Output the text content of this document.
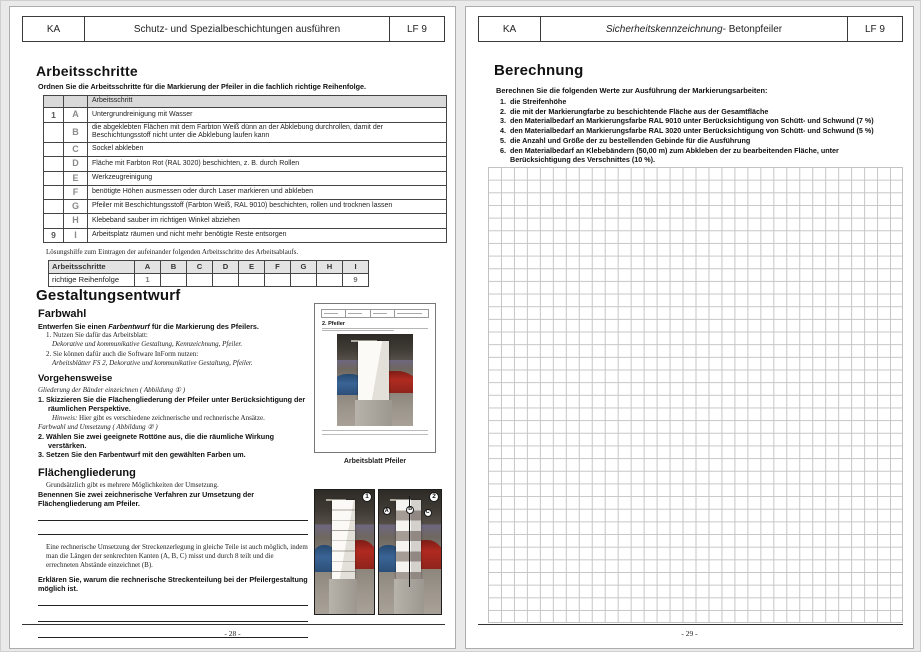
KA	Schutz- und Spezialbeschichtungen ausführen	LF 9
Arbeitsschritte
Ordnen Sie die Arbeitsschritte für die Markierung der Pfeiler in die fachlich richtige Reihenfolge.
		Arbeitsschritt
1	A	Untergrundreinigung mit Wasser
	B	die abgeklebten Flächen mit dem Farbton Weiß dünn an der Abklebung durchrollen, damit der Beschichtungsstoff nicht unter die Abklebung laufen kann
	C	Sockel abkleben
	D	Fläche mit Farbton Rot (RAL 3020) beschichten, z. B. durch Rollen
	E	Werkzeugreinigung
	F	benötigte Höhen ausmessen oder durch Laser markieren und abkleben
	G	Pfeiler mit Beschichtungsstoff (Farbton Weiß, RAL 9010) beschichten, rollen und trocknen lassen
	H	Klebeband sauber im richtigen Winkel abziehen
9	I	Arbeitsplatz räumen und nicht mehr benötigte Reste entsorgen
Lösungshilfe zum Eintragen der aufeinander folgenden Arbeitsschritte des Arbeitsablaufs.
Arbeitsschritte	A	B	C	D	E	F	G	H	I
richtige Reihenfolge	1								9
Gestaltungsentwurf
Farbwahl
Entwerfen Sie einen Farbentwurf für die Markierung des Pfeilers.
1. Nutzen Sie dafür das Arbeitsblatt:
Dekorative und kommunikative Gestaltung, Kennzeichnung, Pfeiler.
2. Sie können dafür auch die Software InForm nutzen:
Arbeitsblätter FS 2, Dekorative und kommunikative Gestaltung, Pfeiler.
Vorgehensweise
Gliederung der Bänder einzeichnen ( Abbildung ① )
1. Skizzieren Sie die Flächengliederung der Pfeiler unter Berücksichtigung der räumlichen Perspektive.
Hinweis: Hier gibt es verschiedene zeichnerische und rechnerische Ansätze.
Farbwahl und Umsetzung ( Abbildung ② )
2. Wählen Sie zwei geeignete Rottöne aus, die die räumliche Wirkung verstärken.
3. Setzen Sie den Farbentwurf mit den gewählten Farben um.
Flächengliederung
Grundsätzlich gibt es mehrere Möglichkeiten der Umsetzung.
Benennen Sie zwei zeichnerische Verfahren zur Umsetzung der Flächengliederung am Pfeiler.
Eine rechnerische Umsetzung der Streckenzerlegung in gleiche Teile ist auch möglich, indem man die Längen der senkrechten Kanten (A, B, C) misst und durch 8 teilt und die errechneten Abstände einzeichnet (B).
Erklären Sie, warum die rechnerische Streckenteilung bei der Pfeilergestaltung möglich ist.
2. Pfeiler
Arbeitsblatt Pfeiler
1
A	B	C
2
- 28 -
KA	Sicherheitskennzeichnung - Betonpfeiler	LF 9
Berechnung
Berechnen Sie die folgenden Werte zur Ausführung der Markierungsarbeiten:
1. die Streifenhöhe
2. die mit der Markierungfarbe zu beschichtende Fläche aus der Gesamtfläche
3. den Materialbedarf an Markierungsfarbe RAL 9010 unter Berücksichtigung von Schütt- und Schwund (7 %)
4. den Materialbedarf an Markierungsfarbe RAL 3020 unter Berücksichtigung von Schütt- und Schwund (5 %)
5. die Anzahl und Größe der zu bestellenden Gebinde für die Ausführung
6. den Materialbedarf an Klebebändern (50,00 m) zum Abkleben der zu bearbeitenden Fläche, unter Berücksichtigung des Verschnittes (10 %).
- 29 -
